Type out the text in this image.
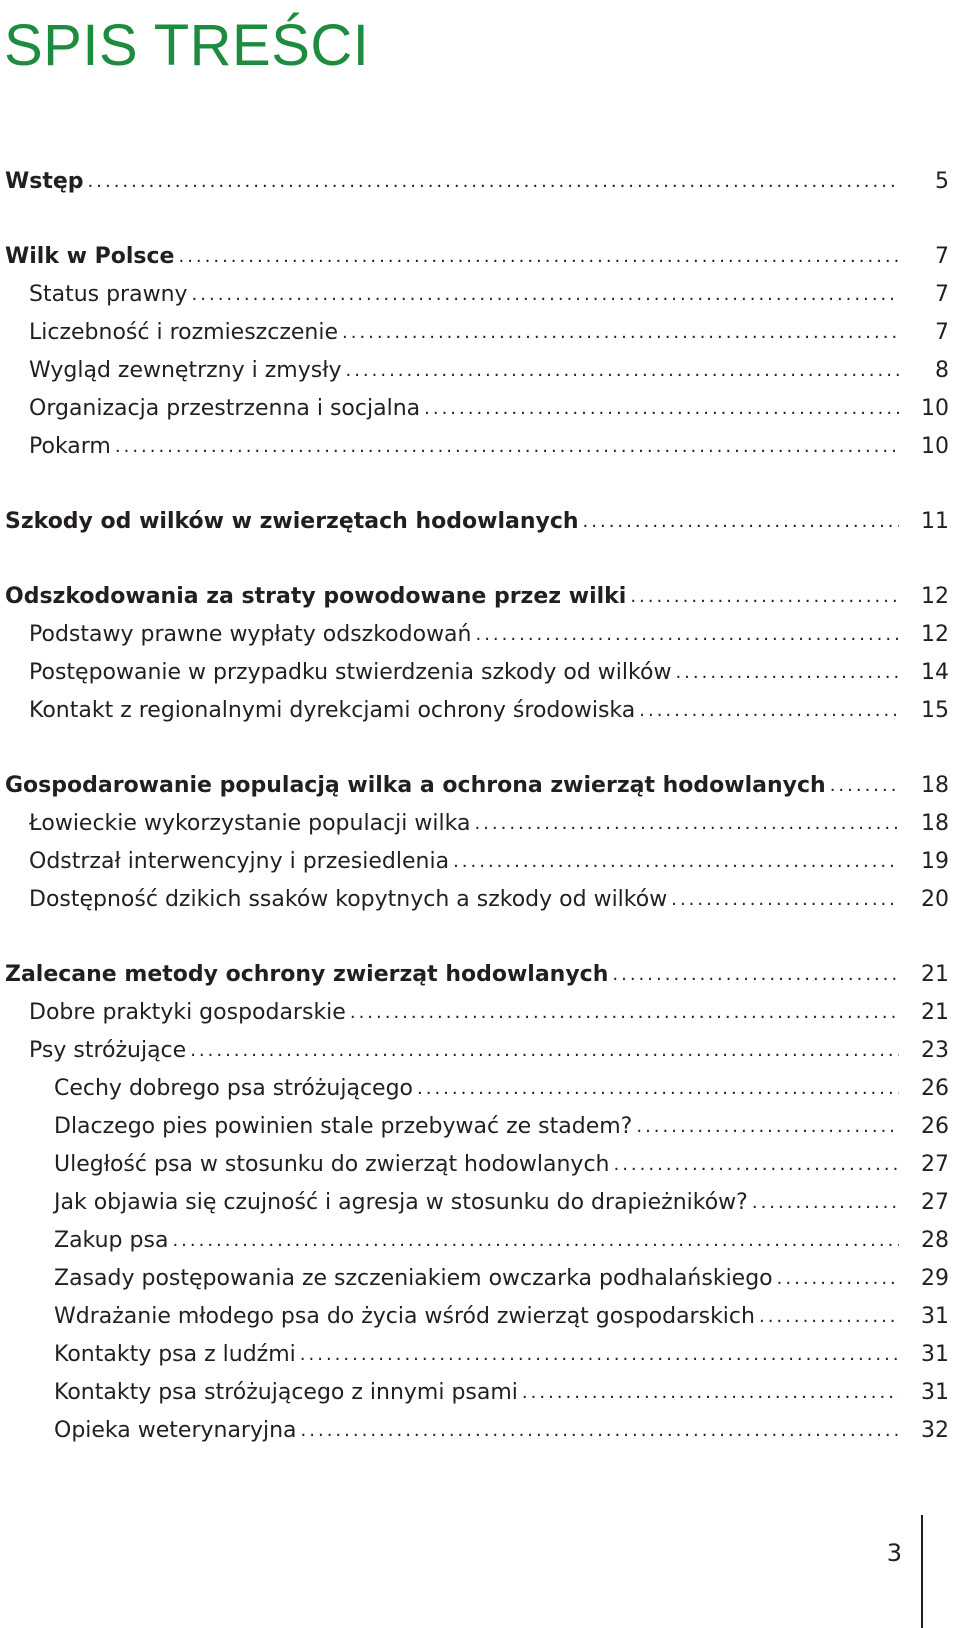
SPIS TREŚCI
Wstęp .....	5
Wilk w Polsce .....	7
Status prawny .....	7
Liczebność i rozmieszczenie .....	7
Wygląd zewnętrzny i zmysły .....	8
Organizacja przestrzenna i socjalna .....	10
Pokarm .....	10
Szkody od wilków w zwierzętach hodowlanych .....	11
Odszkodowania za straty powodowane przez wilki .....	12
Podstawy prawne wypłaty odszkodowań .....	12
Postępowanie w przypadku stwierdzenia szkody od wilków .....	14
Kontakt z regionalnymi dyrekcjami ochrony środowiska .....	15
Gospodarowanie populacją wilka a ochrona zwierząt hodowlanych .....	18
Łowieckie wykorzystanie populacji wilka .....	18
Odstrzał interwencyjny i przesiedlenia .....	19
Dostępność dzikich ssaków kopytnych a szkody od wilków .....	20
Zalecane metody ochrony zwierząt hodowlanych .....	21
Dobre praktyki gospodarskie .....	21
Psy stróżujące .....	23
Cechy dobrego psa stróżującego .....	26
Dlaczego pies powinien stale przebywać ze stadem? .....	26
Uległość psa w stosunku do zwierząt hodowlanych .....	27
Jak objawia się czujność i agresja w stosunku do drapieżników? .....	27
Zakup psa .....	28
Zasady postępowania ze szczeniakiem owczarka podhalańskiego .....	29
Wdrażanie młodego psa do życia wśród zwierząt gospodarskich .....	31
Kontakty psa z ludźmi .....	31
Kontakty psa stróżującego z innymi psami .....	31
Opieka weterynaryjna .....	32
3
